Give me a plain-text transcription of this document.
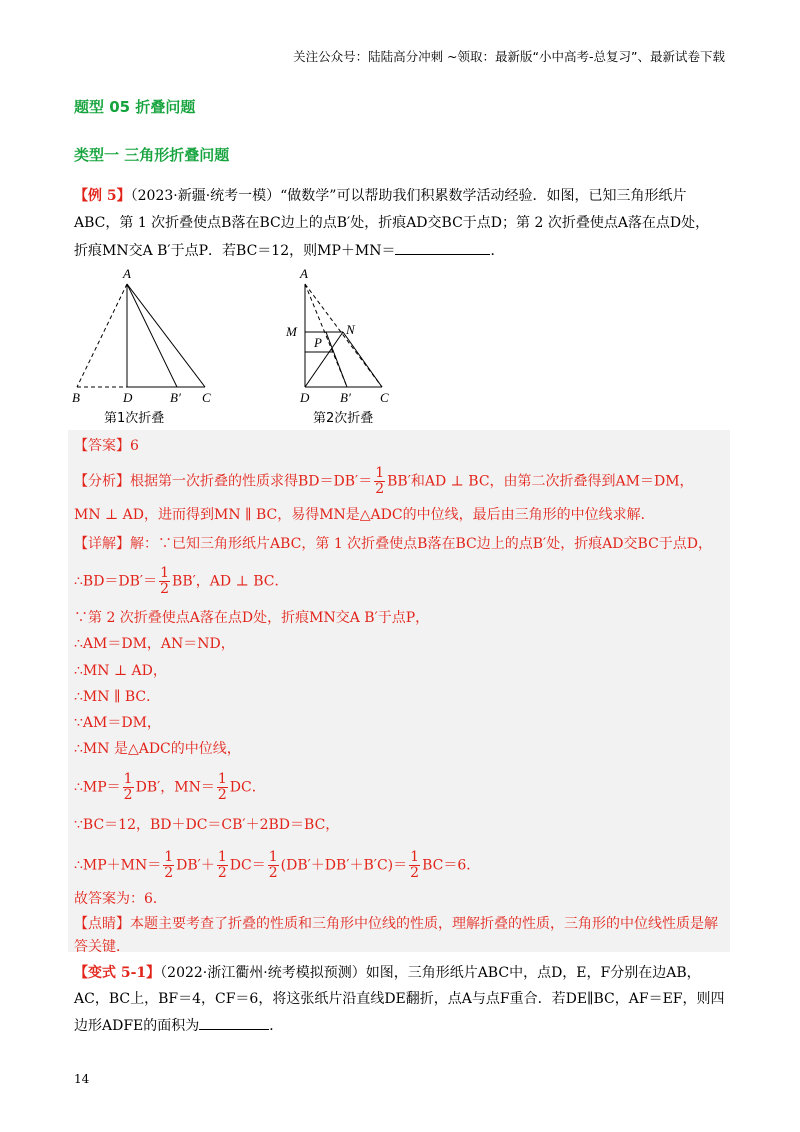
关注公众号：陆陆高分冲刺 ~领取：最新版“小中高考-总复习”、最新试卷下载
题型 05 折叠问题
类型一 三角形折叠问题
【例 5】（2023·新疆·统考一模）“做数学”可以帮助我们积累数学活动经验．如图，已知三角形纸片
ABC，第 1 次折叠使点B落在BC边上的点B′处，折痕AD交BC于点D；第 2 次折叠使点A落在点D处，
折痕MN交A B′于点P．若BC＝12，则MP＋MN＝	．
A
B	D	B′ C
第1次折叠
A
M	N
P
D B′ C
第2次折叠
【答案】6
【分析】根据第一次折叠的性质求得$BD=DB'= \frac{1}{2} BB'$和AD ⊥ BC，由第二次折叠得到AM＝DM，
MN ⊥ AD，进而得到MN ∥ BC，易得MN是△ADC的中位线，最后由三角形的中位线求解．
【详解】解：∵已知三角形纸片ABC，第 1 次折叠使点B落在BC边上的点B′处，折痕AD交BC于点D，
∴BD＝DB′＝ $\frac{1}{2} BB'$，AD ⊥ BC．
∵第 2 次折叠使点A落在点D处，折痕MN交A B′于点P，
∴AM＝DM，AN＝ND，
∴MN ⊥ AD，
∴MN ∥ BC．
∵AM＝DM，
∴MN 是△ADC的中位线，
∴MP＝ $\frac{1}{2} DB'$，$MN= \frac{1}{2}$ DC．
∵BC＝12，BD＋DC＝CB′＋2BD＝BC，
∴MP＋MN＝ $\frac{1}{2} DB'+ \frac{1}{2} DC= \frac{1}{2} (DB'+DB'+B'C)= \frac{1}{2} BC=6$．
故答案为：6．
【点睛】本题主要考查了折叠的性质和三角形中位线的性质，理解折叠的性质，三角形的中位线性质是解
答关键．
【变式 5-1】（2022·浙江衢州·统考模拟预测）如图，三角形纸片ABC中，点D，E，F分别在边AB，
AC，BC上，BF＝4，CF＝6，将这张纸片沿直线DE翻折，点A与点F重合．若DE∥BC，AF＝EF，则四
边形ADFE的面积为	．
14
